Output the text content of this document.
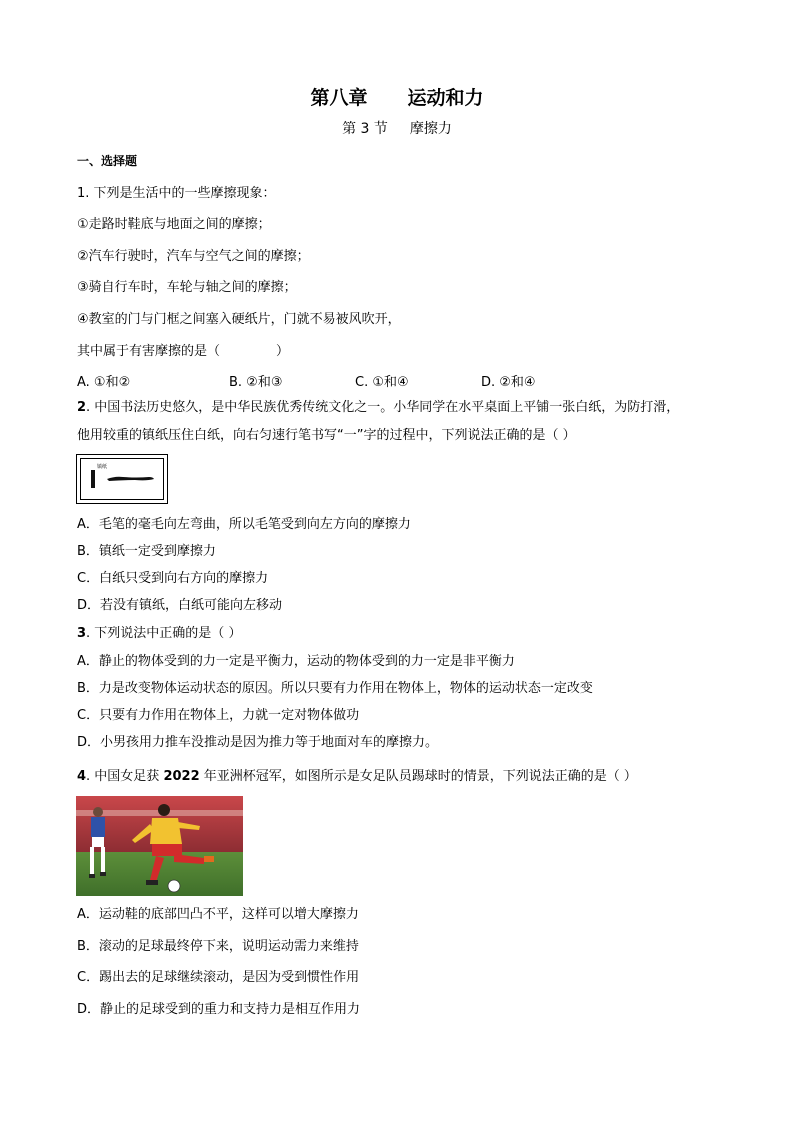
第八章 运动和力
第 3 节 摩擦力
一、选择题
1. 下列是生活中的一些摩擦现象：
①走路时鞋底与地面之间的摩擦；
②汽车行驶时，汽车与空气之间的摩擦；
③骑自行车时，车轮与轴之间的摩擦；
④教室的门与门框之间塞入硬纸片，门就不易被风吹开，
其中属于有害摩擦的是（	）
A. ①和②	B. ②和③	C. ①和④	D. ②和④
2. 中国书法历史悠久，是中华民族优秀传统文化之一。小华同学在水平桌面上平铺一张白纸，为防打滑，
他用较重的镇纸压住白纸，向右匀速行笔书写“一”字的过程中，下列说法正确的是（ ）
镇纸
A．毛笔的毫毛向左弯曲，所以毛笔受到向左方向的摩擦力
B．镇纸一定受到摩擦力
C．白纸只受到向右方向的摩擦力
D．若没有镇纸，白纸可能向左移动
3. 下列说法中正确的是（ ）
A．静止的物体受到的力一定是平衡力，运动的物体受到的力一定是非平衡力
B．力是改变物体运动状态的原因。所以只要有力作用在物体上，物体的运动状态一定改变
C．只要有力作用在物体上，力就一定对物体做功
D．小男孩用力推车没推动是因为推力等于地面对车的摩擦力。
4. 中国女足获 2022 年亚洲杯冠军，如图所示是女足队员踢球时的情景，下列说法正确的是（ ）
A．运动鞋的底部凹凸不平，这样可以增大摩擦力
B．滚动的足球最终停下来，说明运动需力来维持
C．踢出去的足球继续滚动，是因为受到惯性作用
D．静止的足球受到的重力和支持力是相互作用力
